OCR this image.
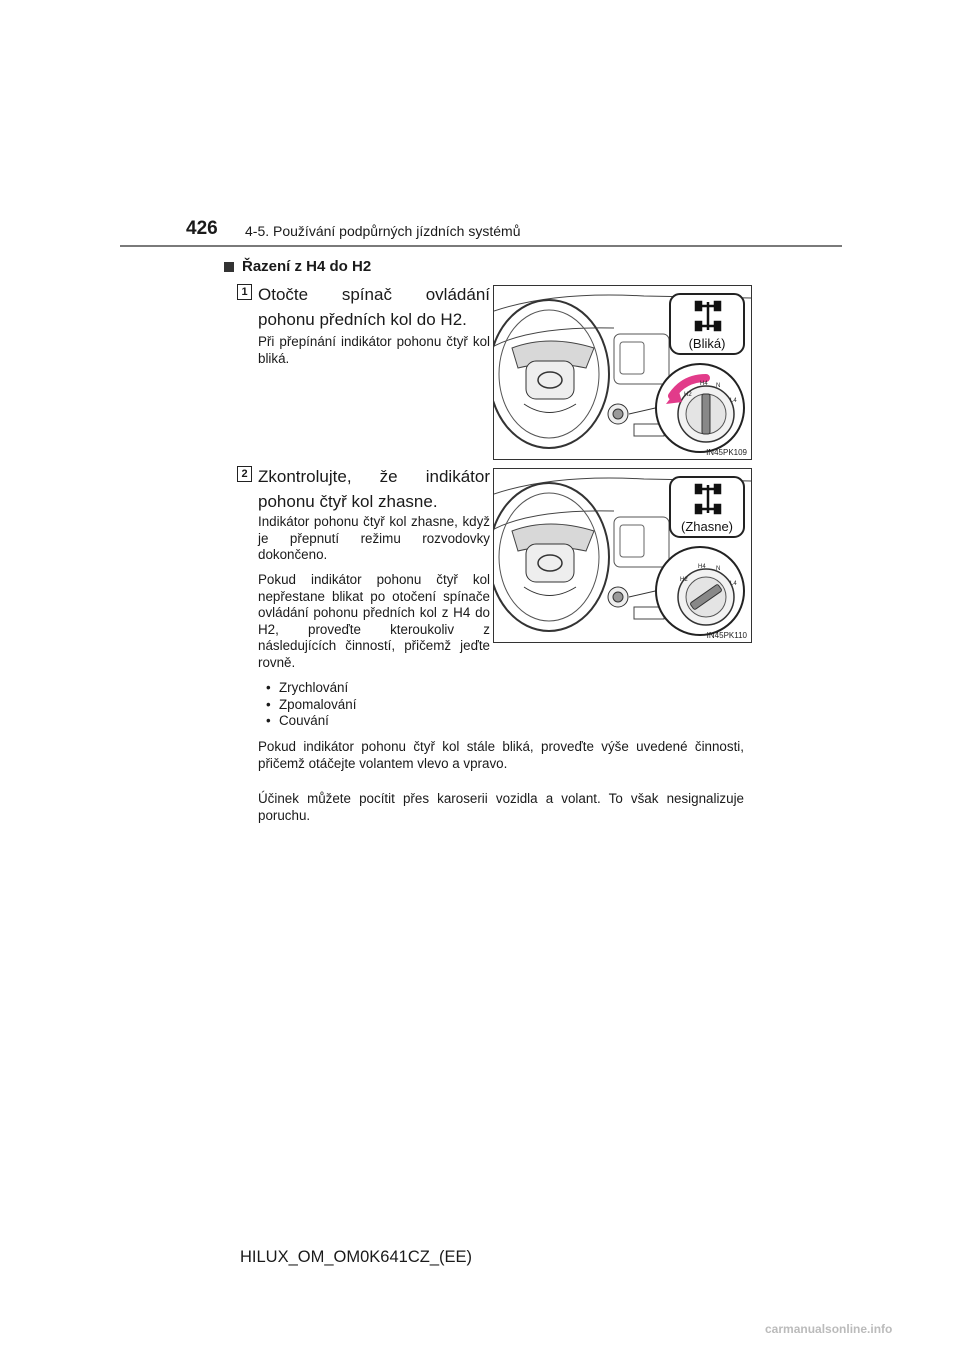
426 4-5. Používání podpůrných jízdních systémů
Řazení z H4 do H2
1 Otočte spínač ovládání pohonu předních kol do H2.
Při přepínání indikátor pohonu čtyř kol bliká.
(Bliká)
H2
H4 N
L4
IN45PK109
2 Zkontrolujte, že indikátor pohonu čtyř kol zhasne.
Indikátor pohonu čtyř kol zhasne, když je přepnutí režimu rozvodovky dokončeno.
Pokud indikátor pohonu čtyř kol nepřestane blikat po otočení spínače ovládání pohonu předních kol z H4 do H2, proveďte kteroukoliv z následujících činností, přičemž jeďte rovně.
• Zrychlování
• Zpomalování
• Couvání
(Zhasne)
H2
H4 N
L4
IN45PK110
Pokud indikátor pohonu čtyř kol stále bliká, proveďte výše uvedené činnosti, přičemž otáčejte volantem vlevo a vpravo.
Účinek můžete pocítit přes karoserii vozidla a volant. To však nesignalizuje poruchu.
HILUX_OM_OM0K641CZ_(EE)
carmanualsonline.info
